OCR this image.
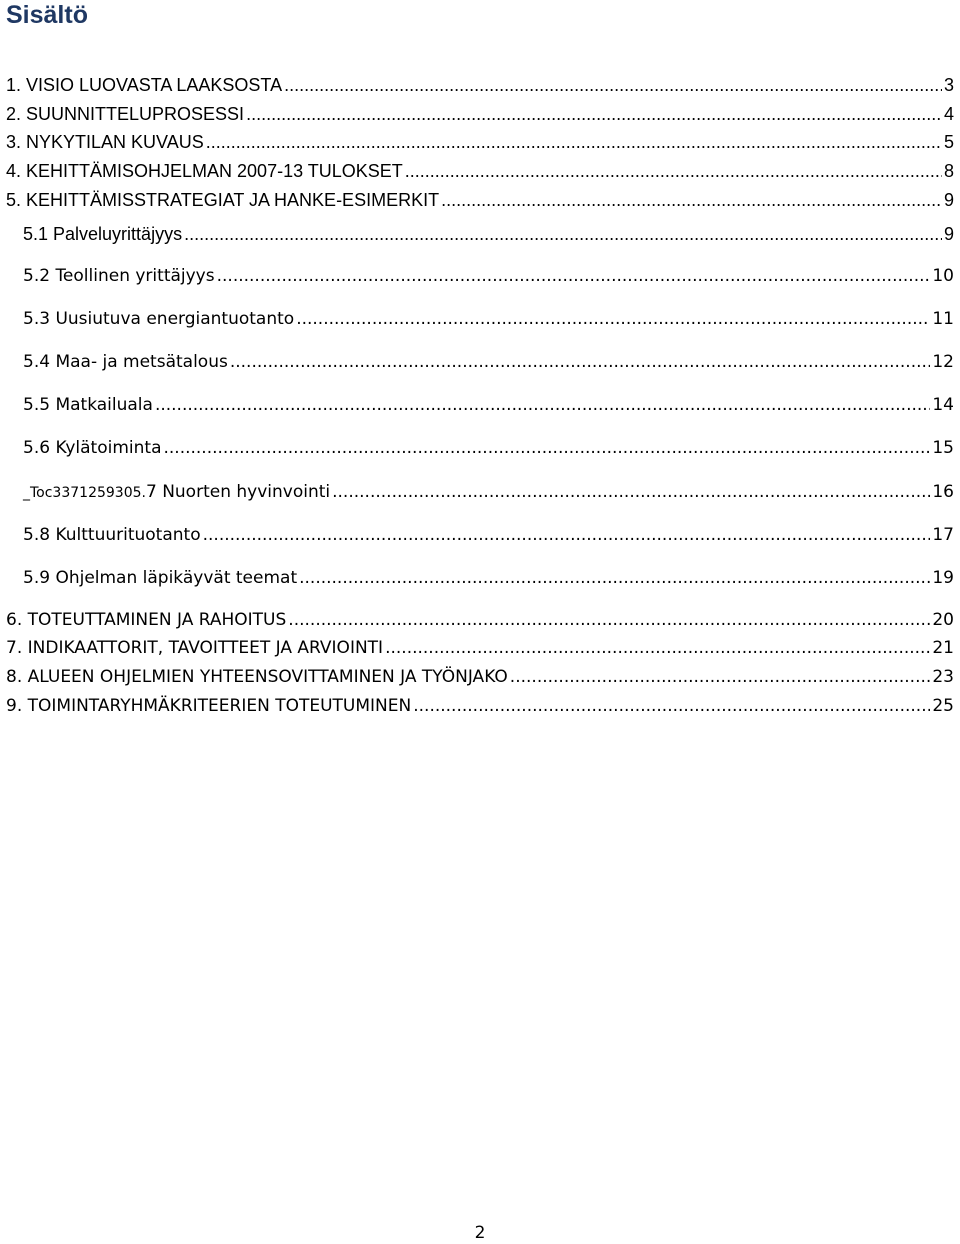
Sisältö
1. VISIO LUOVASTA LAAKSOSTA .....	3
2. SUUNNITTELUPROSESSI .....	4
3. NYKYTILAN KUVAUS .....	5
4. KEHITTÄMISOHJELMAN 2007-13 TULOKSET .....	8
5. KEHITTÄMISSTRATEGIAT JA HANKE-ESIMERKIT .....	9
5.1 Palveluyrittäjyys .....	9
5.2 Teollinen yrittäjyys .....	10
5.3 Uusiutuva energiantuotanto .....	11
5.4 Maa- ja metsätalous .....	12
5.5 Matkailuala .....	14
5.6 Kylätoiminta .....	15
_Toc3371259305.7 Nuorten hyvinvointi .....	16
5.8 Kulttuurituotanto .....	17
5.9 Ohjelman läpikäyvät teemat .....	19
6. TOTEUTTAMINEN JA RAHOITUS .....	20
7. INDIKAATTORIT, TAVOITTEET JA ARVIOINTI .....	21
8. ALUEEN OHJELMIEN YHTEENSOVITTAMINEN JA TYÖNJAKO .....	23
9. TOIMINTARYHMÄKRITEERIEN TOTEUTUMINEN .....	25
2
